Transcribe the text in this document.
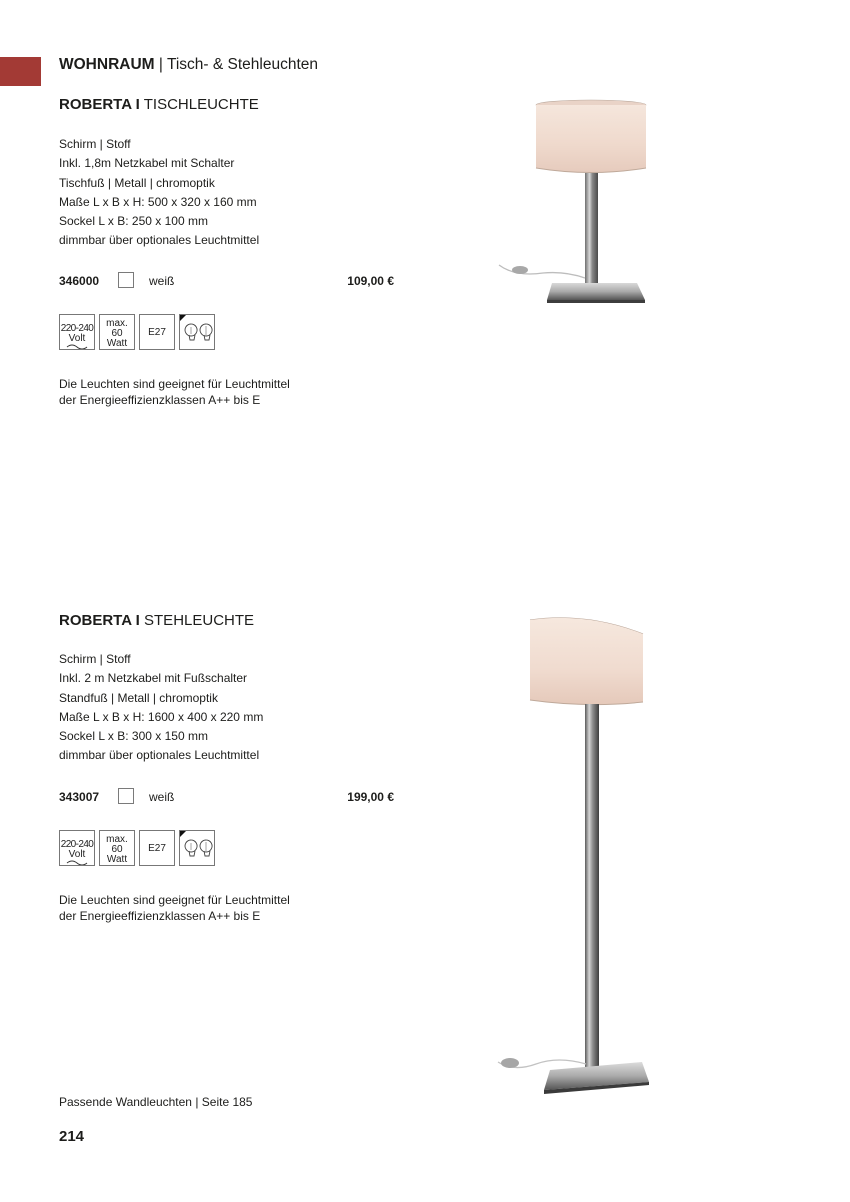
WOHNRAUM | Tisch- & Stehleuchten
ROBERTA I TISCHLEUCHTE
Schirm | Stoff
Inkl. 1,8m Netzkabel mit Schalter
Tischfuß | Metall | chromoptik
Maße L x B x H: 500 x 320 x 160 mm
Sockel L x B: 250 x 100 mm
dimmbar über optionales Leuchtmittel
346000	weiß	109,00 €
220-240
Volt
max.
60
Watt
E27
Die Leuchten sind geeignet für Leuchtmittel
der Energieeffizienzklassen A++ bis E
ROBERTA I STEHLEUCHTE
Schirm | Stoff
Inkl. 2 m Netzkabel mit Fußschalter
Standfuß | Metall | chromoptik
Maße L x B x H: 1600 x 400 x 220 mm
Sockel L x B: 300 x 150 mm
dimmbar über optionales Leuchtmittel
343007	weiß	199,00 €
220-240
Volt
max.
60
Watt
E27
Die Leuchten sind geeignet für Leuchtmittel
der Energieeffizienzklassen A++ bis E
Passende Wandleuchten | Seite 185
214
